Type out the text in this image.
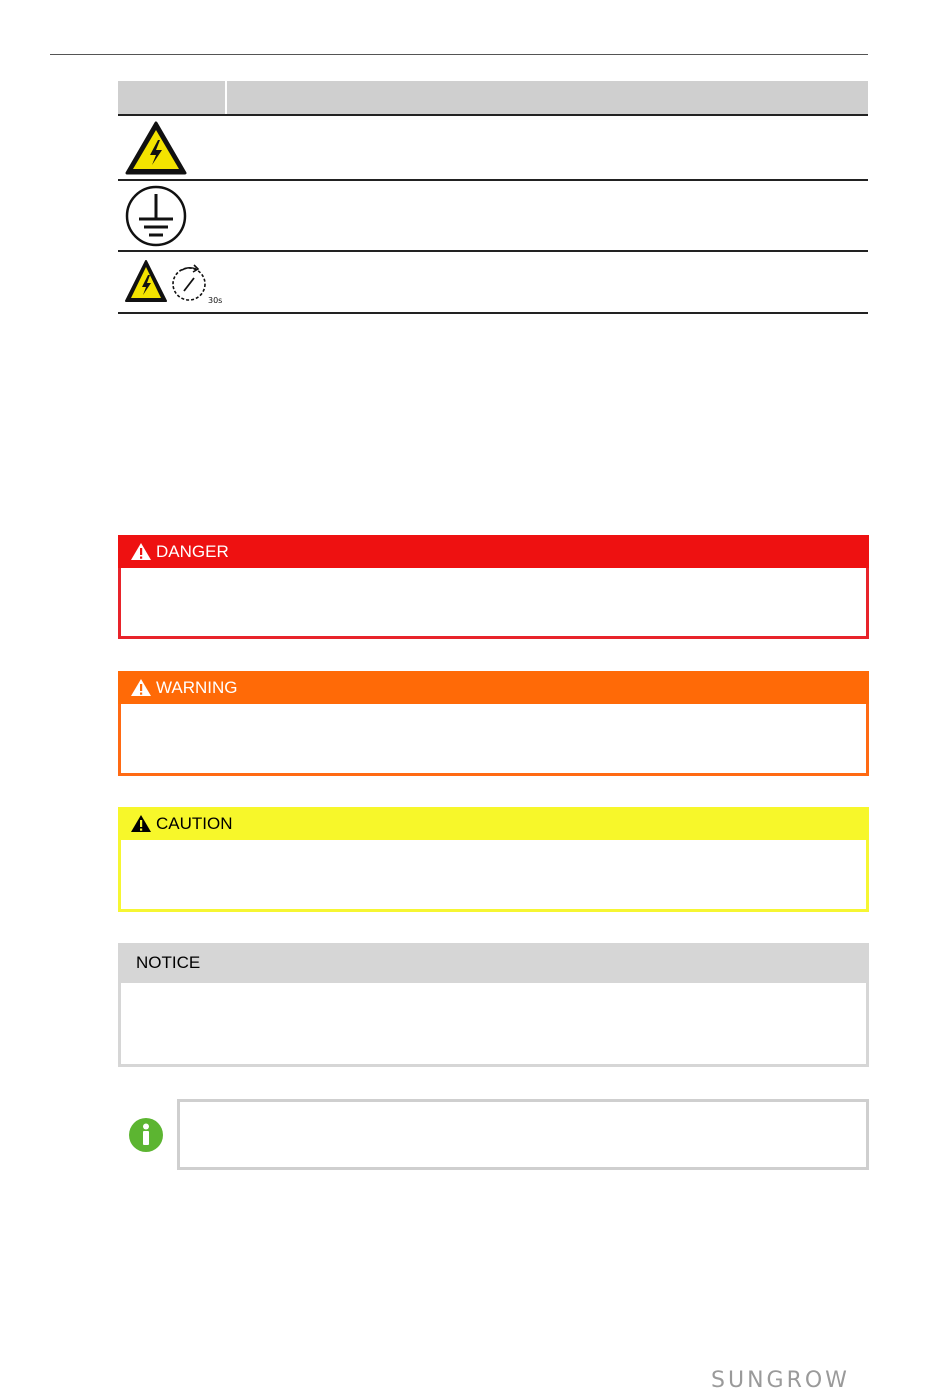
30s
DANGER
WARNING
CAUTION
NOTICE
SUNGROW
